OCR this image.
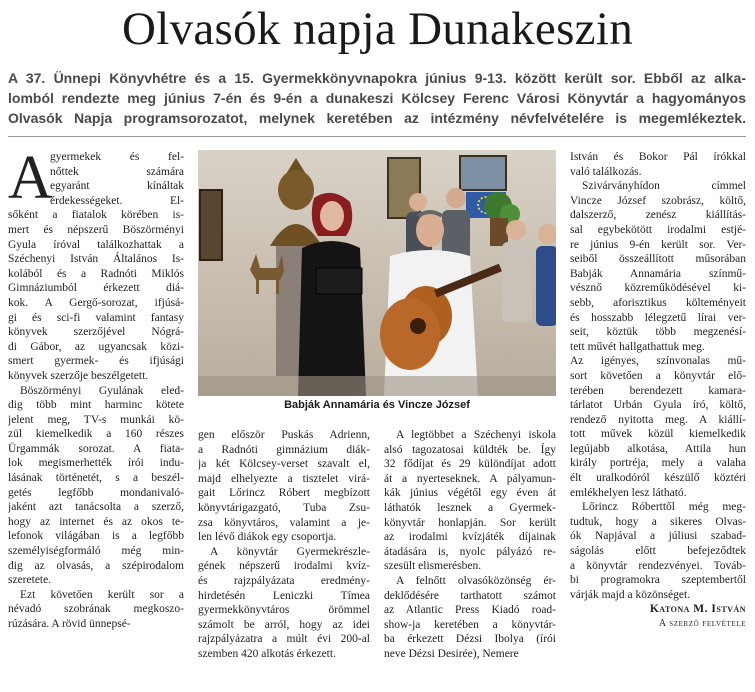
Olvasók napja Dunakeszin
A 37. Ünnepi Könyvhétre és a 15. Gyermekkönyvnapokra június 9-13. között került sor. Ebből az alka-
lomból rendezte meg június 7-én és 9-én a dunakeszi Kölcsey Ferenc Városi Könyvtár a hagyományos
Olvasók Napja programsorozatot, melynek keretében az intézmény névfelvételére is megemlékeztek.
A
gyermekek és fel-
nőttek számára
egyaránt kínáltak
érdekességeket. El-
sőként a fiatalok körében is-
mert és népszerű Böszörményi
Gyula íróval találkozhattak a
Széchenyi István Általános Is-
kolából és a Radnóti Miklós
Gimnáziumból érkezett diá-
kok. A Gergő-sorozat, ifjúsá-
gi és sci-fi valamint fantasy
könyvek szerzőjével Nógrá-
di Gábor, az ugyancsak közi-
smert gyermek- és ifjúsági
könyvek szerzője beszélgetett.
Böszörményi Gyulának eled-
dig több mint harminc kötete
jelent meg, TV-s munkái kö-
zül kiemelkedik a 160 részes
Ürgammák sorozat. A fiata-
lok megismerhették írói indu-
lásának történetét, s a beszél-
getés legfőbb mondanivaló-
jaként azt tanácsolta a szerző,
hogy az internet és az okos te-
lefonok világában is a legfőbb
személyiségformáló még min-
dig az olvasás, a szépirodalom
szeretete.
Ezt követően került sor a
névadó szobrának megkoszo-
rúzására. A rövid ünnepsé-
Babják Annamária és Vincze József
gen először Puskás Adrienn,
a Radnóti gimnázium diák-
ja két Kölcsey-verset szavalt el,
majd elhelyezte a tisztelet virá-
gait Lőrincz Róbert megbízott
könyvtárigazgató, Tuba Zsu-
zsa könyvtáros, valamint a je-
len lévő diákok egy csoportja.
A könyvtár Gyermekrészle-
gének népszerű irodalmi kvíz-
és rajzpályázata eredmény-
hirdetésén Leniczki Tímea
gyermekkönyvtáros örömmel
számolt be arról, hogy az idei
rajzpályázatra a múlt évi 200-al
szemben 420 alkotás érkezett.
A legtöbbet a Széchenyi iskola
alsó tagozatosai küldték be. Így
32 fődíjat és 29 különdíjat adott
át a nyerteseknek. A pályamun-
kák június végétől egy éven át
láthatók lesznek a Gyermek-
könyvtár honlapján. Sor került
az irodalmi kvízjáték díjainak
átadására is, nyolc pályázó re-
szesült elismerésben.
A felnőtt olvasóközönség ér-
deklődésére tarthatott számot
az Atlantic Press Kiadó road-
show-ja keretében a könyvtár-
ba érkezett Dézsi Ibolya (írói
neve Dézsi Desirée), Nemere
István és Bokor Pál írókkal
való találkozás.
Szivárványhídon címmel
Vincze József szobrász, költő,
dalszerző, zenész kiállítás-
sal egybekötött irodalmi estjé-
re június 9-én került sor. Ver-
seiből összeállított műsorában
Babják Annamária színmű-
vésznő közreműködésével ki-
sebb, aforisztikus költeményeit
és hosszabb lélegzetű lírai ver-
seit, köztük több megzenésí-
tett művét hallgathattuk meg.
Az igényes, színvonalas mű-
sort követően a könyvtár elő-
terében berendezett kamara-
tárlatot Urbán Gyula író, költő,
rendező nyitotta meg. A kiállí-
tott művek közül kiemelkedik
legújabb alkotása, Attila hun
király portréja, mely a valaha
élt uralkodóról készülő köztéri
emlékhelyen lesz látható.
Lőrincz Róberttől még meg-
tudtuk, hogy a sikeres Olvas-
ók Napjával a júliusi szabad-
ságolás előtt befejeződtek
a könyvtár rendezvényei. Továb-
bi programokra szeptembertől
várják majd a közönséget.
Katona M. István
A szerző felvétele
